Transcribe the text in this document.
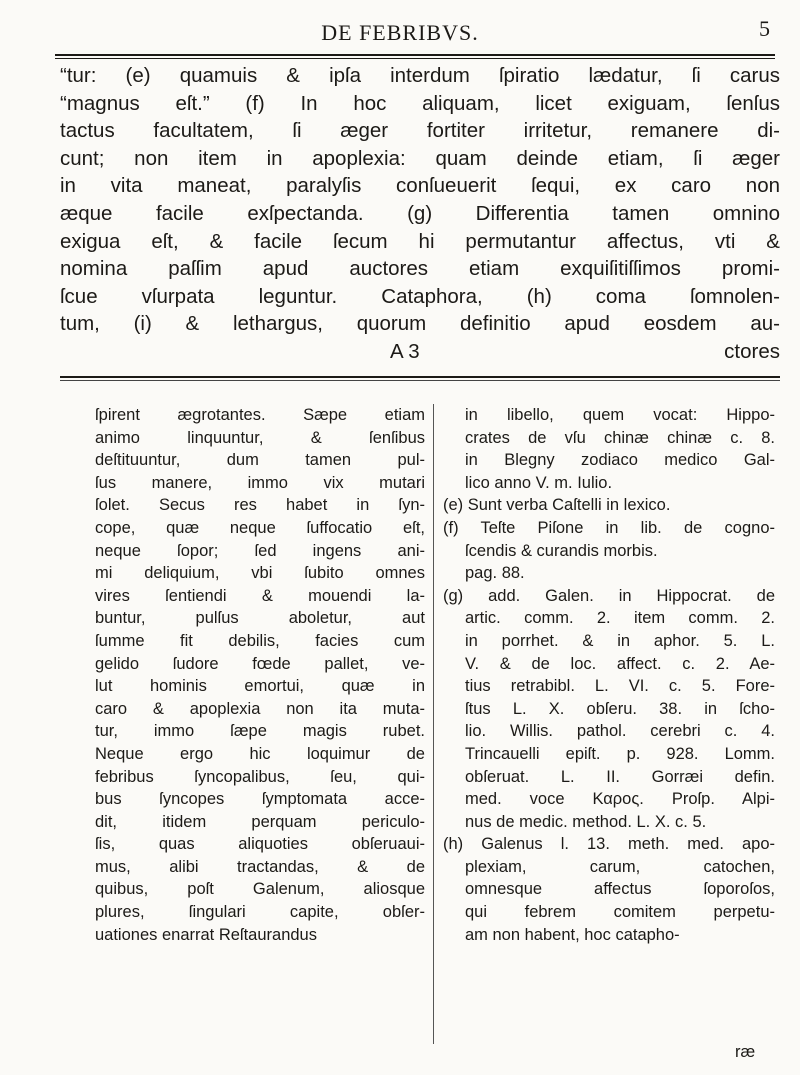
DE FEBRIBVS.	5
“tur: (e) quamuis & ipſa interdum ſpiratio lædatur, ſi carus
“magnus eſt.” (f) In hoc aliquam, licet exiguam, ſenſus
tactus facultatem, ſi æger fortiter irritetur, remanere di-
cunt; non item in apoplexia: quam deinde etiam, ſi æger
in vita maneat, paralyſis conſueuerit ſequi, ex caro non
æque facile exſpectanda. (g) Differentia tamen omnino
exigua eſt, & facile ſecum hi permutantur affectus, vti &
nomina paſſim apud auctores etiam exquiſitiſſimos promi-
ſcue vſurpata leguntur. Cataphora, (h) coma ſomnolen-
tum, (i) & lethargus, quorum definitio apud eosdem au-
A 3	ctores
ſpirent ægrotantes. Sæpe etiam
animo linquuntur, & ſenſibus
deſtituuntur, dum tamen pul-
ſus manere, immo vix mutari
ſolet. Secus res habet in ſyn-
cope, quæ neque ſuffocatio eſt,
neque ſopor; ſed ingens ani-
mi deliquium, vbi ſubito omnes
vires ſentiendi & mouendi la-
buntur, pulſus aboletur, aut
ſumme fit debilis, facies cum
gelido ſudore fœde pallet, ve-
lut hominis emortui, quæ in
caro & apoplexia non ita muta-
tur, immo ſæpe magis rubet.
Neque ergo hic loquimur de
febribus ſyncopalibus, ſeu, qui-
bus ſyncopes ſymptomata acce-
dit, itidem perquam periculo-
ſis, quas aliquoties obſeruaui-
mus, alibi tractandas, & de
quibus, poſt Galenum, aliosque
plures, ſingulari capite, obſer-
uationes enarrat Reſtaurandus
in libello, quem vocat: Hippo-
crates de vſu chinæ chinæ c. 8.
in Blegny zodiaco medico Gal-
lico anno V. m. Iulio.
(e) Sunt verba Caſtelli in lexico.
(f) Teſte Piſone in lib. de cogno-
ſcendis & curandis morbis.
pag. 88.
(g) add. Galen. in Hippocrat. de
artic. comm. 2. item comm. 2.
in porrhet. & in aphor. 5. L.
V. & de loc. affect. c. 2. Ae-
tius retrabibl. L. VI. c. 5. Fore-
ſtus L. X. obſeru. 38. in ſcho-
lio. Willis. pathol. cerebri c. 4.
Trincauelli epiſt. p. 928. Lomm.
obſeruat. L. II. Gorræi defin.
med. voce Καρος. Proſp. Alpi-
nus de medic. method. L. X. c. 5.
(h) Galenus l. 13. meth. med. apo-
plexiam, carum, catochen,
omnesque affectus ſoporoſos,
qui febrem comitem perpetu-
am non habent, hoc catapho-
ræ
